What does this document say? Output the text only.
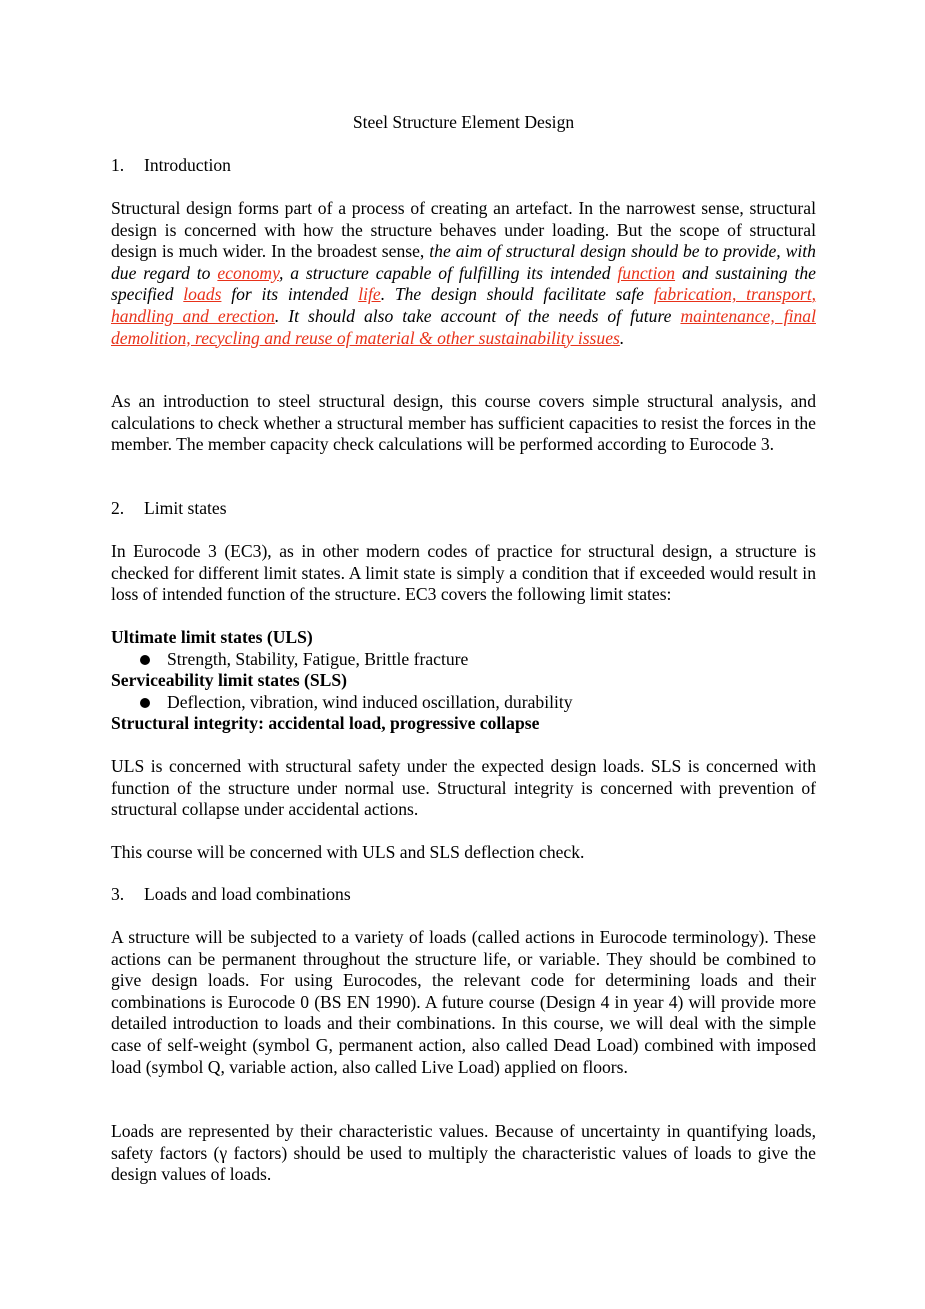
Steel Structure Element Design
1. Introduction
Structural design forms part of a process of creating an artefact. In the narrowest sense, structural design is concerned with how the structure behaves under loading. But the scope of structural design is much wider. In the broadest sense, the aim of structural design should be to provide, with due regard to economy, a structure capable of fulfilling its intended function and sustaining the specified loads for its intended life. The design should facilitate safe fabrication, transport, handling and erection. It should also take account of the needs of future maintenance, final demolition, recycling and reuse of material & other sustainability issues.
As an introduction to steel structural design, this course covers simple structural analysis, and calculations to check whether a structural member has sufficient capacities to resist the forces in the member. The member capacity check calculations will be performed according to Eurocode 3.
2. Limit states
In Eurocode 3 (EC3), as in other modern codes of practice for structural design, a structure is checked for different limit states. A limit state is simply a condition that if exceeded would result in loss of intended function of the structure. EC3 covers the following limit states:
Ultimate limit states (ULS)
Strength, Stability, Fatigue, Brittle fracture
Serviceability limit states (SLS)
Deflection, vibration, wind induced oscillation, durability
Structural integrity: accidental load, progressive collapse
ULS is concerned with structural safety under the expected design loads. SLS is concerned with function of the structure under normal use. Structural integrity is concerned with prevention of structural collapse under accidental actions.
This course will be concerned with ULS and SLS deflection check.
3. Loads and load combinations
A structure will be subjected to a variety of loads (called actions in Eurocode terminology). These actions can be permanent throughout the structure life, or variable. They should be combined to give design loads. For using Eurocodes, the relevant code for determining loads and their combinations is Eurocode 0 (BS EN 1990). A future course (Design 4 in year 4) will provide more detailed introduction to loads and their combinations. In this course, we will deal with the simple case of self-weight (symbol G, permanent action, also called Dead Load) combined with imposed load (symbol Q, variable action, also called Live Load) applied on floors.
Loads are represented by their characteristic values. Because of uncertainty in quantifying loads, safety factors (γ factors) should be used to multiply the characteristic values of loads to give the design values of loads.
